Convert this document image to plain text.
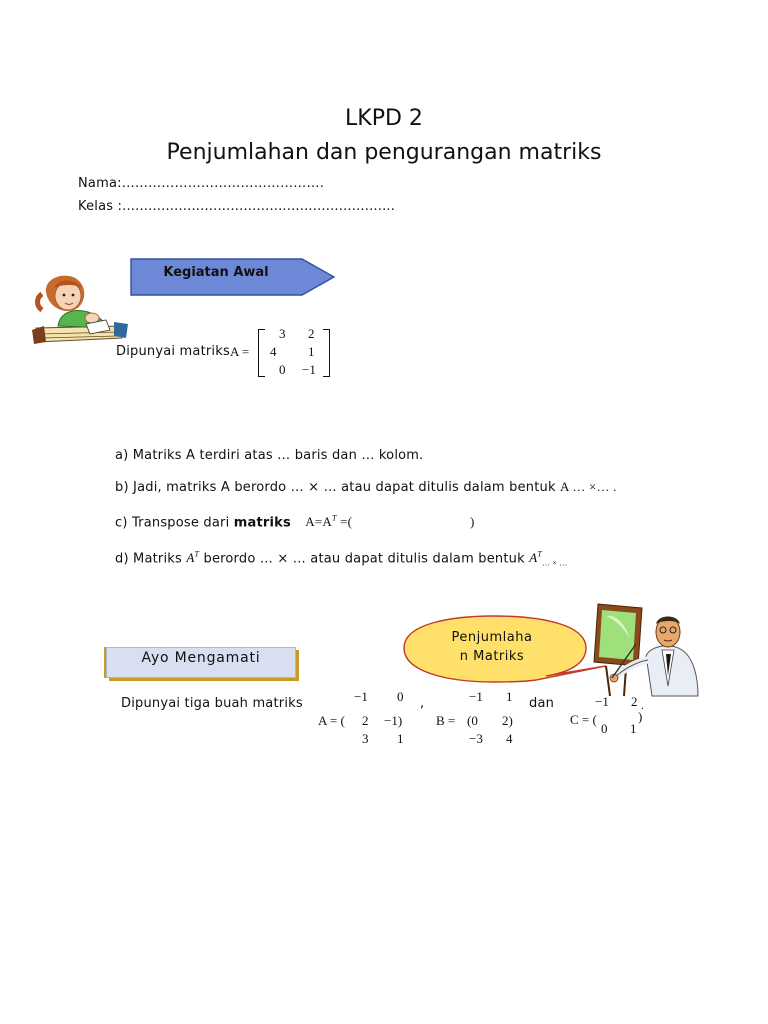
LKPD 2
Penjumlahan dan pengurangan matriks
Nama:……………………………………….
Kelas :...............................................................
Kegiatan Awal
Dipunyai matriks A =
3 2
4 1
0 −1
a) Matriks A terdiri atas … baris dan … kolom.
b) Jadi, matriks A berordo … × … atau dapat ditulis dalam bentuk A … ×… .
c) Transpose dari matriks $A=A^T$ =(	)
d) Matriks $A^T$ berordo … × … atau dapat ditulis dalam bentuk $A^T_{\dots \times \dots}$
Penjumlaha
n Matriks
Ayo Mengamati
Dipunyai tiga buah matriks	−1 0
A = ( 2 −1)
3 1
,	−1 1
B = (0 2)
−3 4
dan	−1 2 .
C = (	)
0 1
